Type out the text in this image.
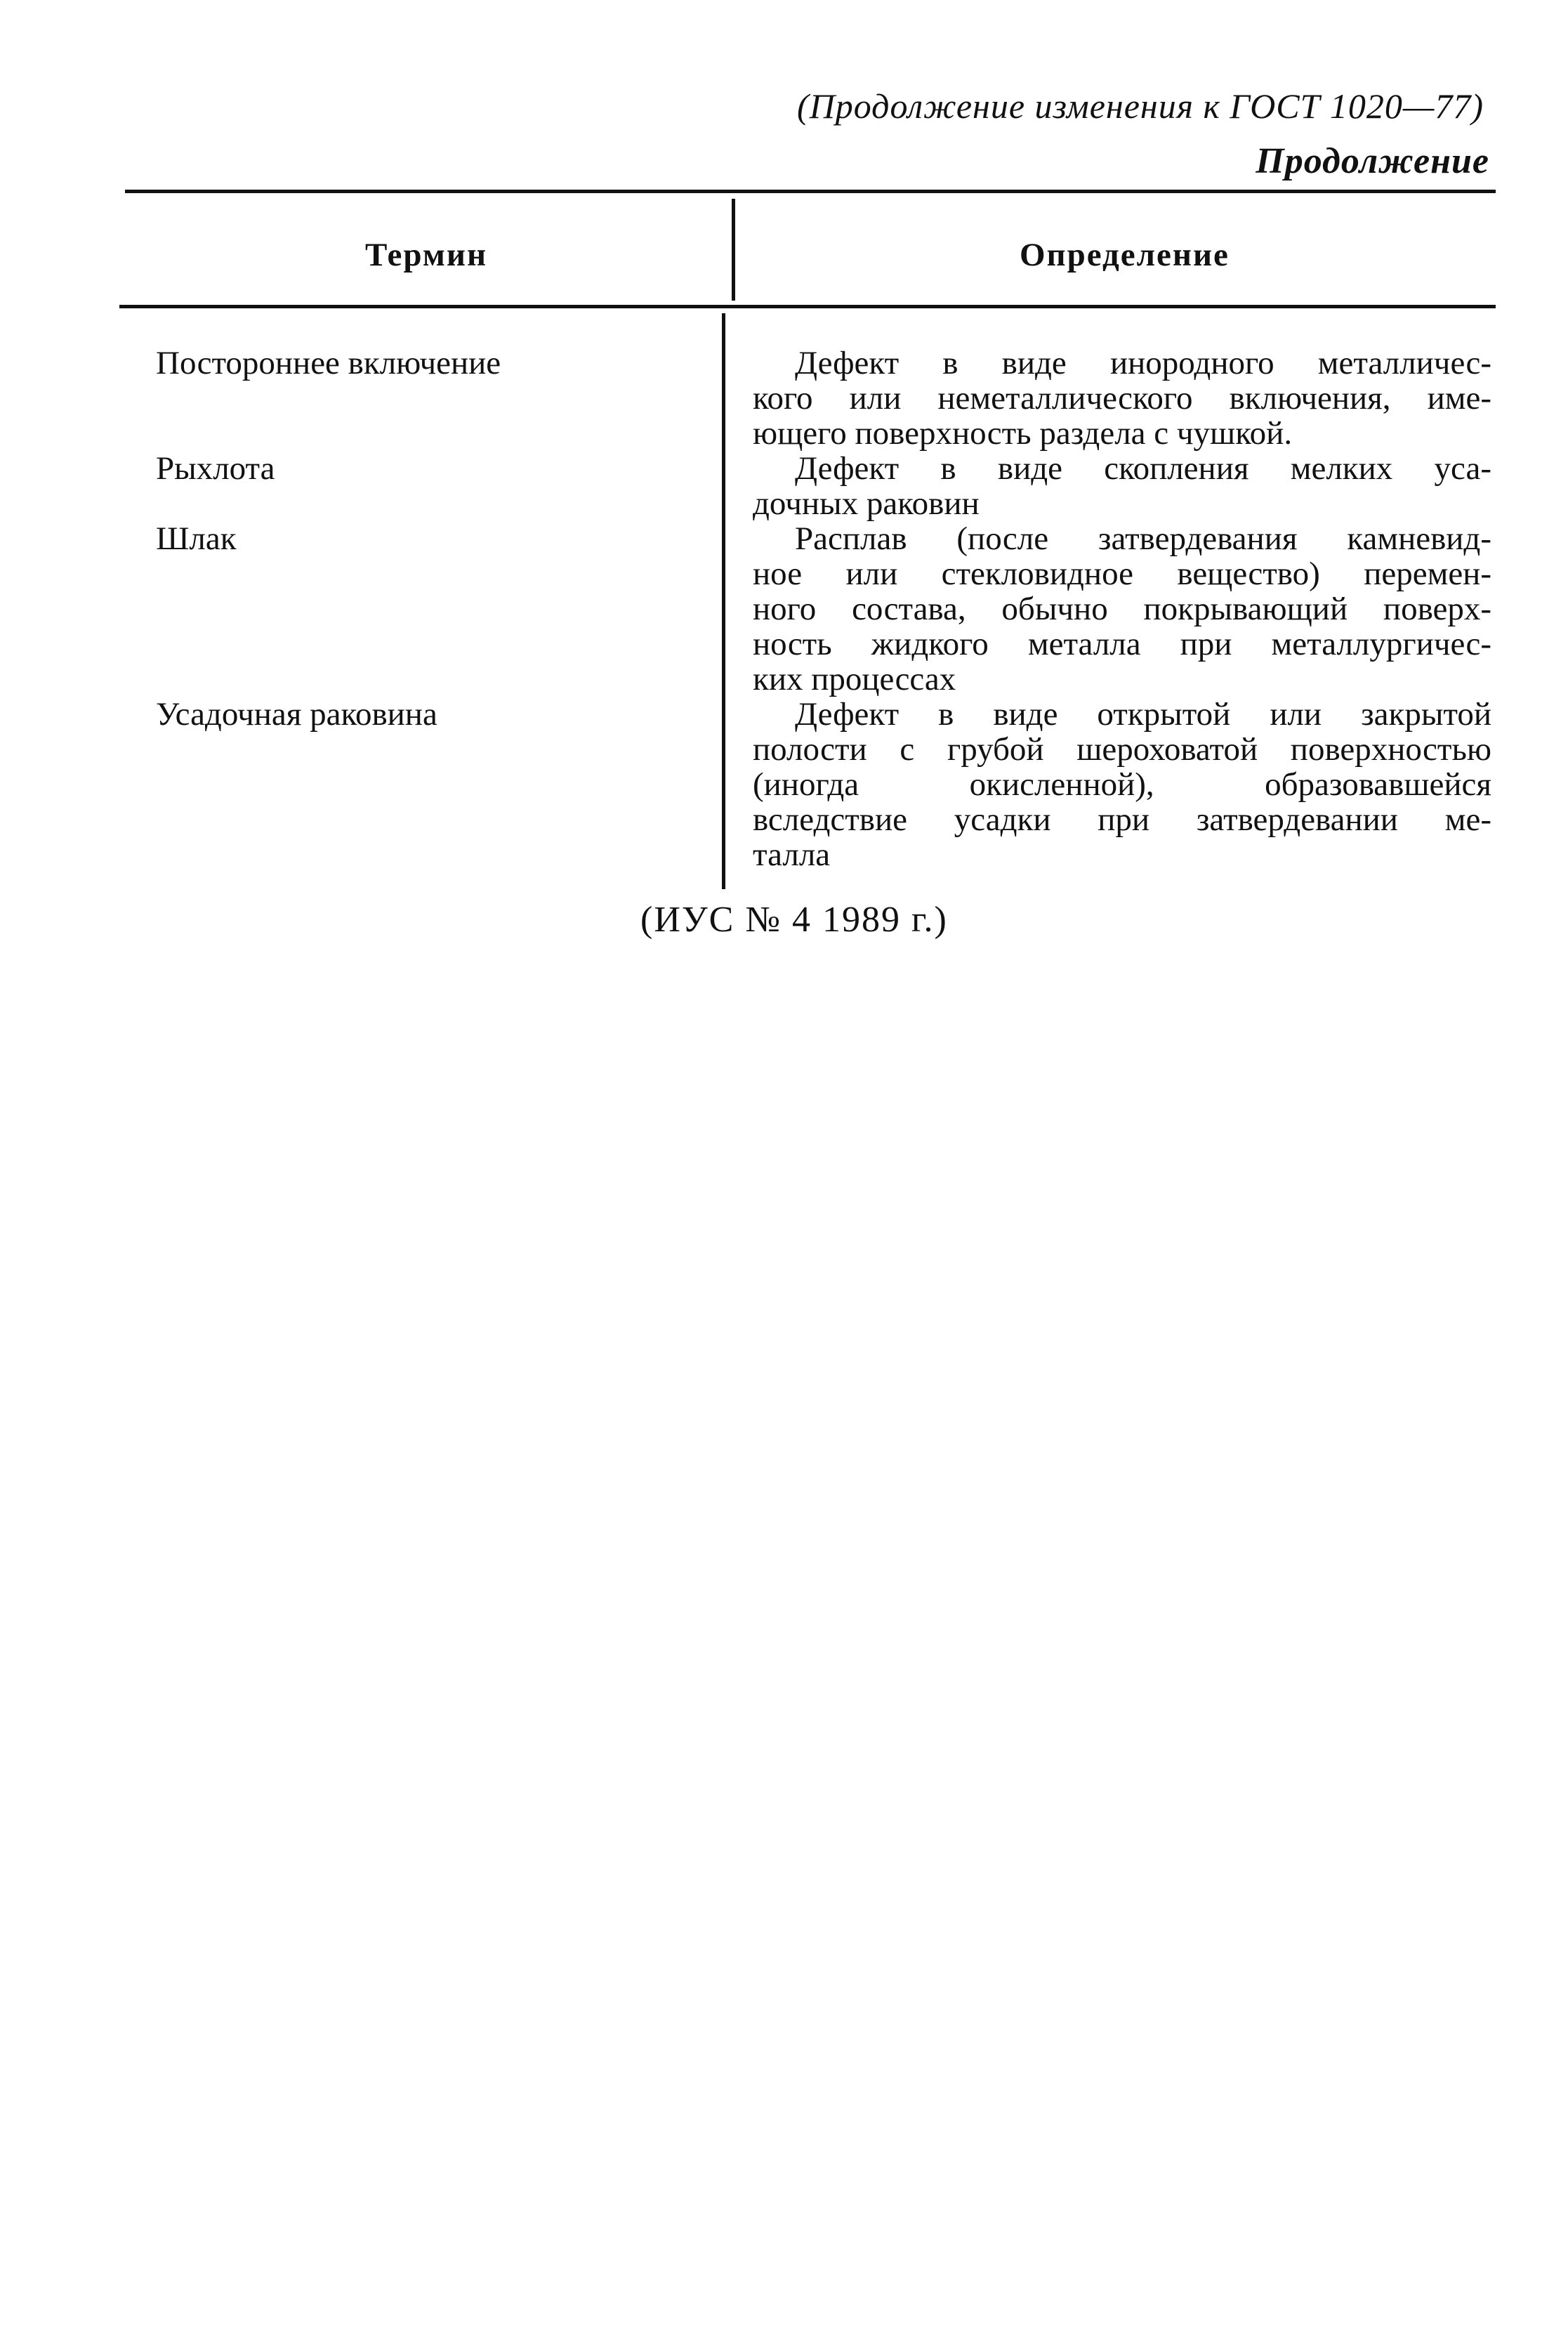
(Продолжение изменения к ГОСТ 1020—77)
Продолжение
Термин	Определение
Постороннее включение	Дефект в виде инородного металличес-
кого или неметаллического включения, име-
ющего поверхность раздела с чушкой.
Рыхлота	Дефект в виде скопления мелких уса-
дочных раковин
Шлак	Расплав (после затвердевания камневид-
ное или стекловидное вещество) перемен-
ного состава, обычно покрывающий поверх-
ность жидкого металла при металлургичес-
ких процессах
Усадочная раковина	Дефект в виде открытой или закрытой
полости с грубой шероховатой поверхностью
(иногда окисленной), образовавшейся
вследствие усадки при затвердевании ме-
талла
(ИУС № 4 1989 г.)
